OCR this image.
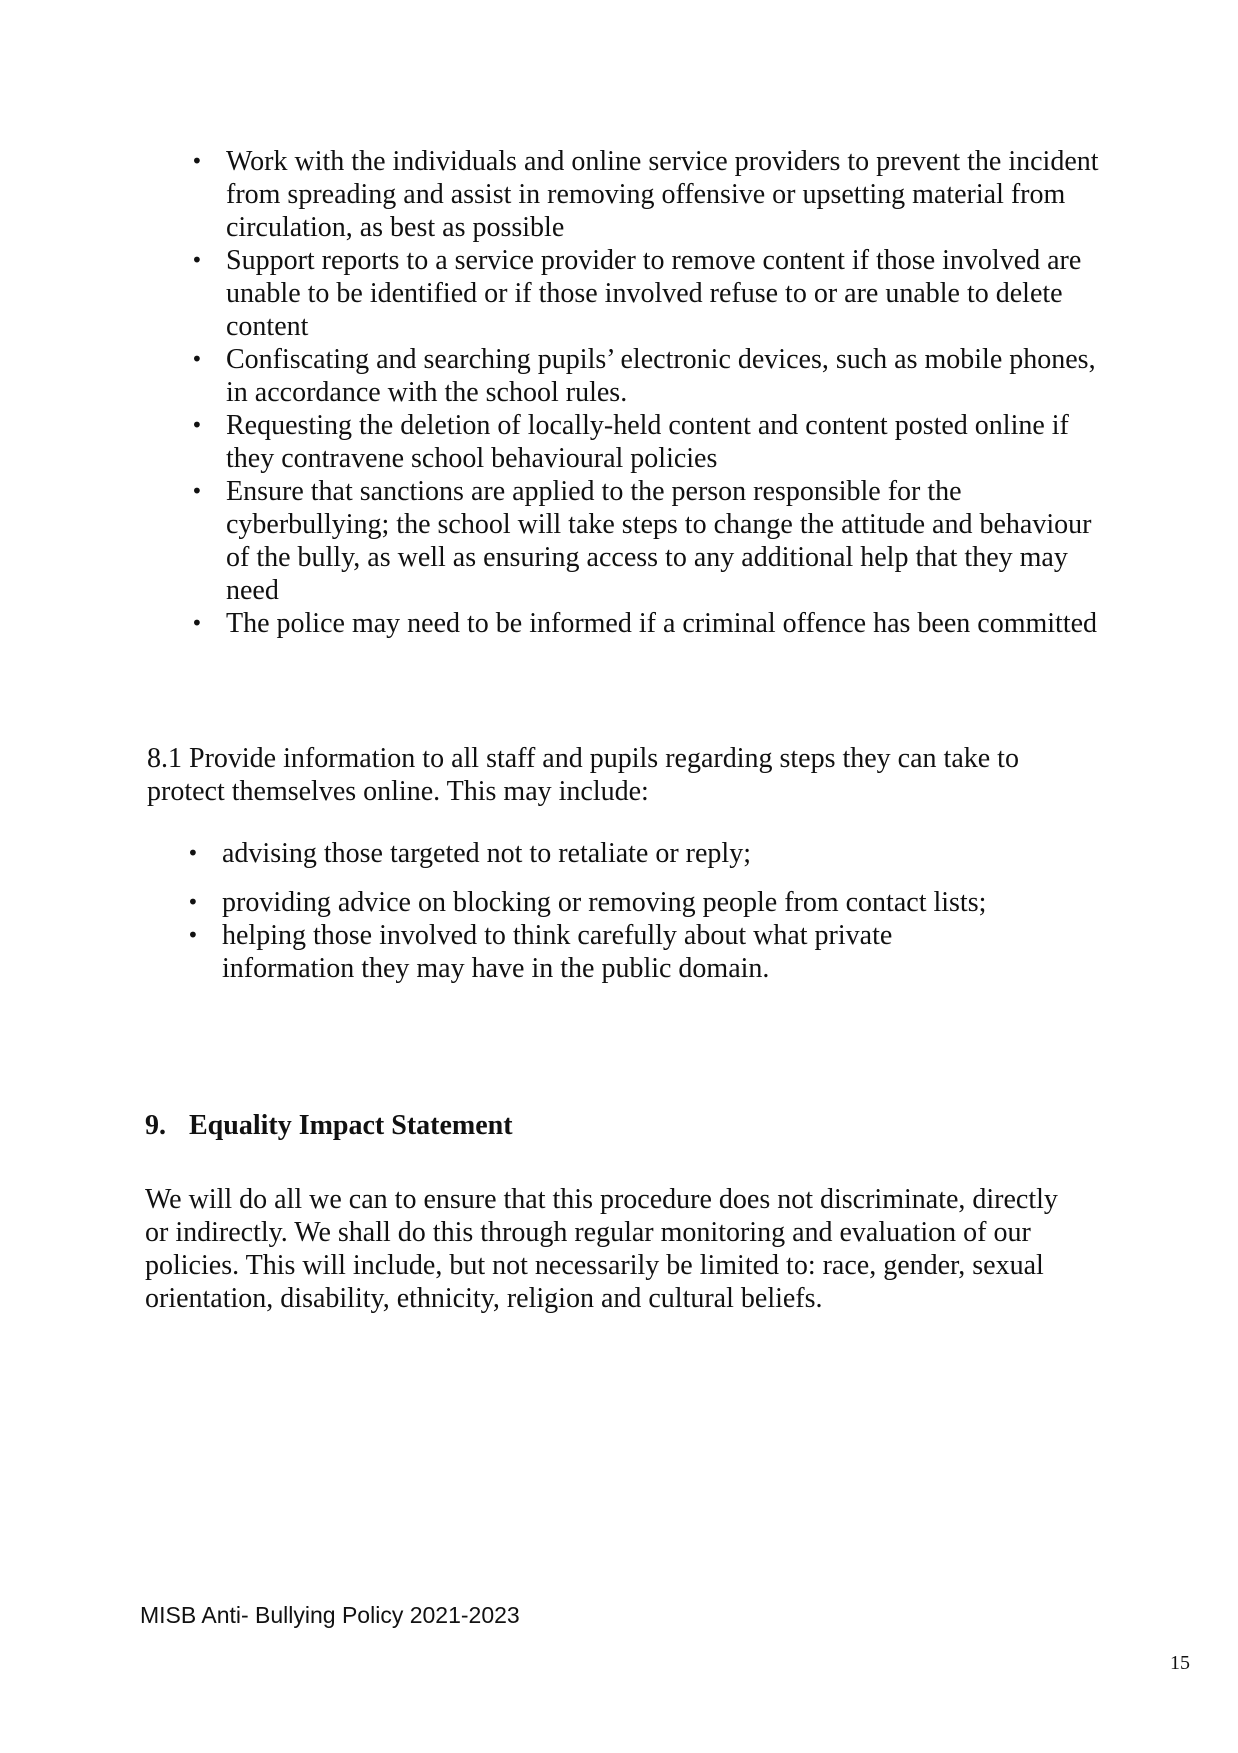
• Work with the individuals and online service providers to prevent the incident from spreading and assist in removing offensive or upsetting material from circulation, as best as possible
• Support reports to a service provider to remove content if those involved are unable to be identified or if those involved refuse to or are unable to delete content
• Confiscating and searching pupils’ electronic devices, such as mobile phones, in accordance with the school rules.
• Requesting the deletion of locally-held content and content posted online if they contravene school behavioural policies
• Ensure that sanctions are applied to the person responsible for the cyberbullying; the school will take steps to change the attitude and behaviour of the bully, as well as ensuring access to any additional help that they may need
• The police may need to be informed if a criminal offence has been committed

8.1 Provide information to all staff and pupils regarding steps they can take to protect themselves online. This may include:

• advising those targeted not to retaliate or reply;
• providing advice on blocking or removing people from contact lists;
• helping those involved to think carefully about what private information they may have in the public domain.
9. Equality Impact Statement

We will do all we can to ensure that this procedure does not discriminate, directly or indirectly. We shall do this through regular monitoring and evaluation of our policies. This will include, but not necessarily be limited to: race, gender, sexual orientation, disability, ethnicity, religion and cultural beliefs.

MISB Anti- Bullying Policy 2021-2023

15
